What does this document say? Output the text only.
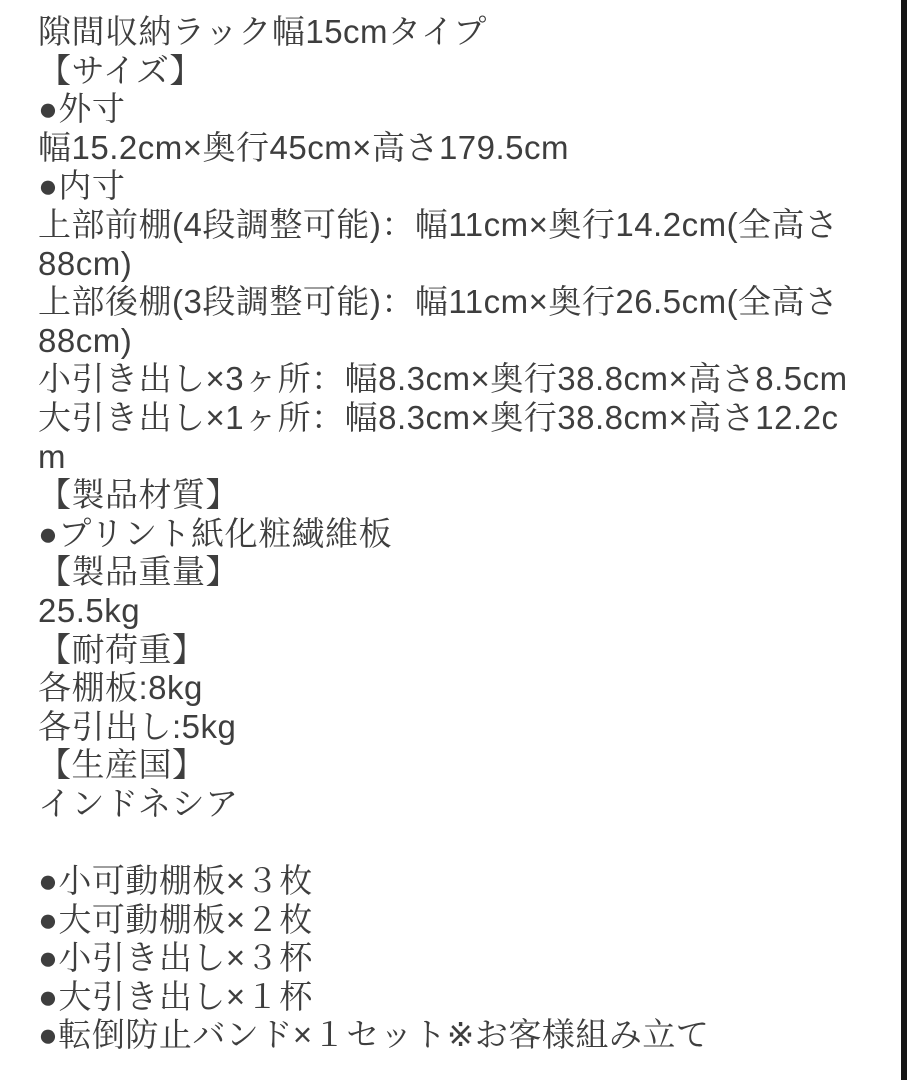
隙間収納ラック幅15cmタイプ
【サイズ】
●外寸
幅15.2cm×奥行45cm×高さ179.5cm
●内寸
上部前棚(4段調整可能)：幅11cm×奥行14.2cm(全高さ
88cm)
上部後棚(3段調整可能)：幅11cm×奥行26.5cm(全高さ
88cm)
小引き出し×3ヶ所：幅8.3cm×奥行38.8cm×高さ8.5cm
大引き出し×1ヶ所：幅8.3cm×奥行38.8cm×高さ12.2c
m
【製品材質】
●プリント紙化粧繊維板
【製品重量】
25.5kg
【耐荷重】
各棚板:8kg
各引出し:5kg
【生産国】
インドネシア
●小可動棚板×３枚
●大可動棚板×２枚
●小引き出し×３杯
●大引き出し×１杯
●転倒防止バンド×１セット※お客様組み立て
